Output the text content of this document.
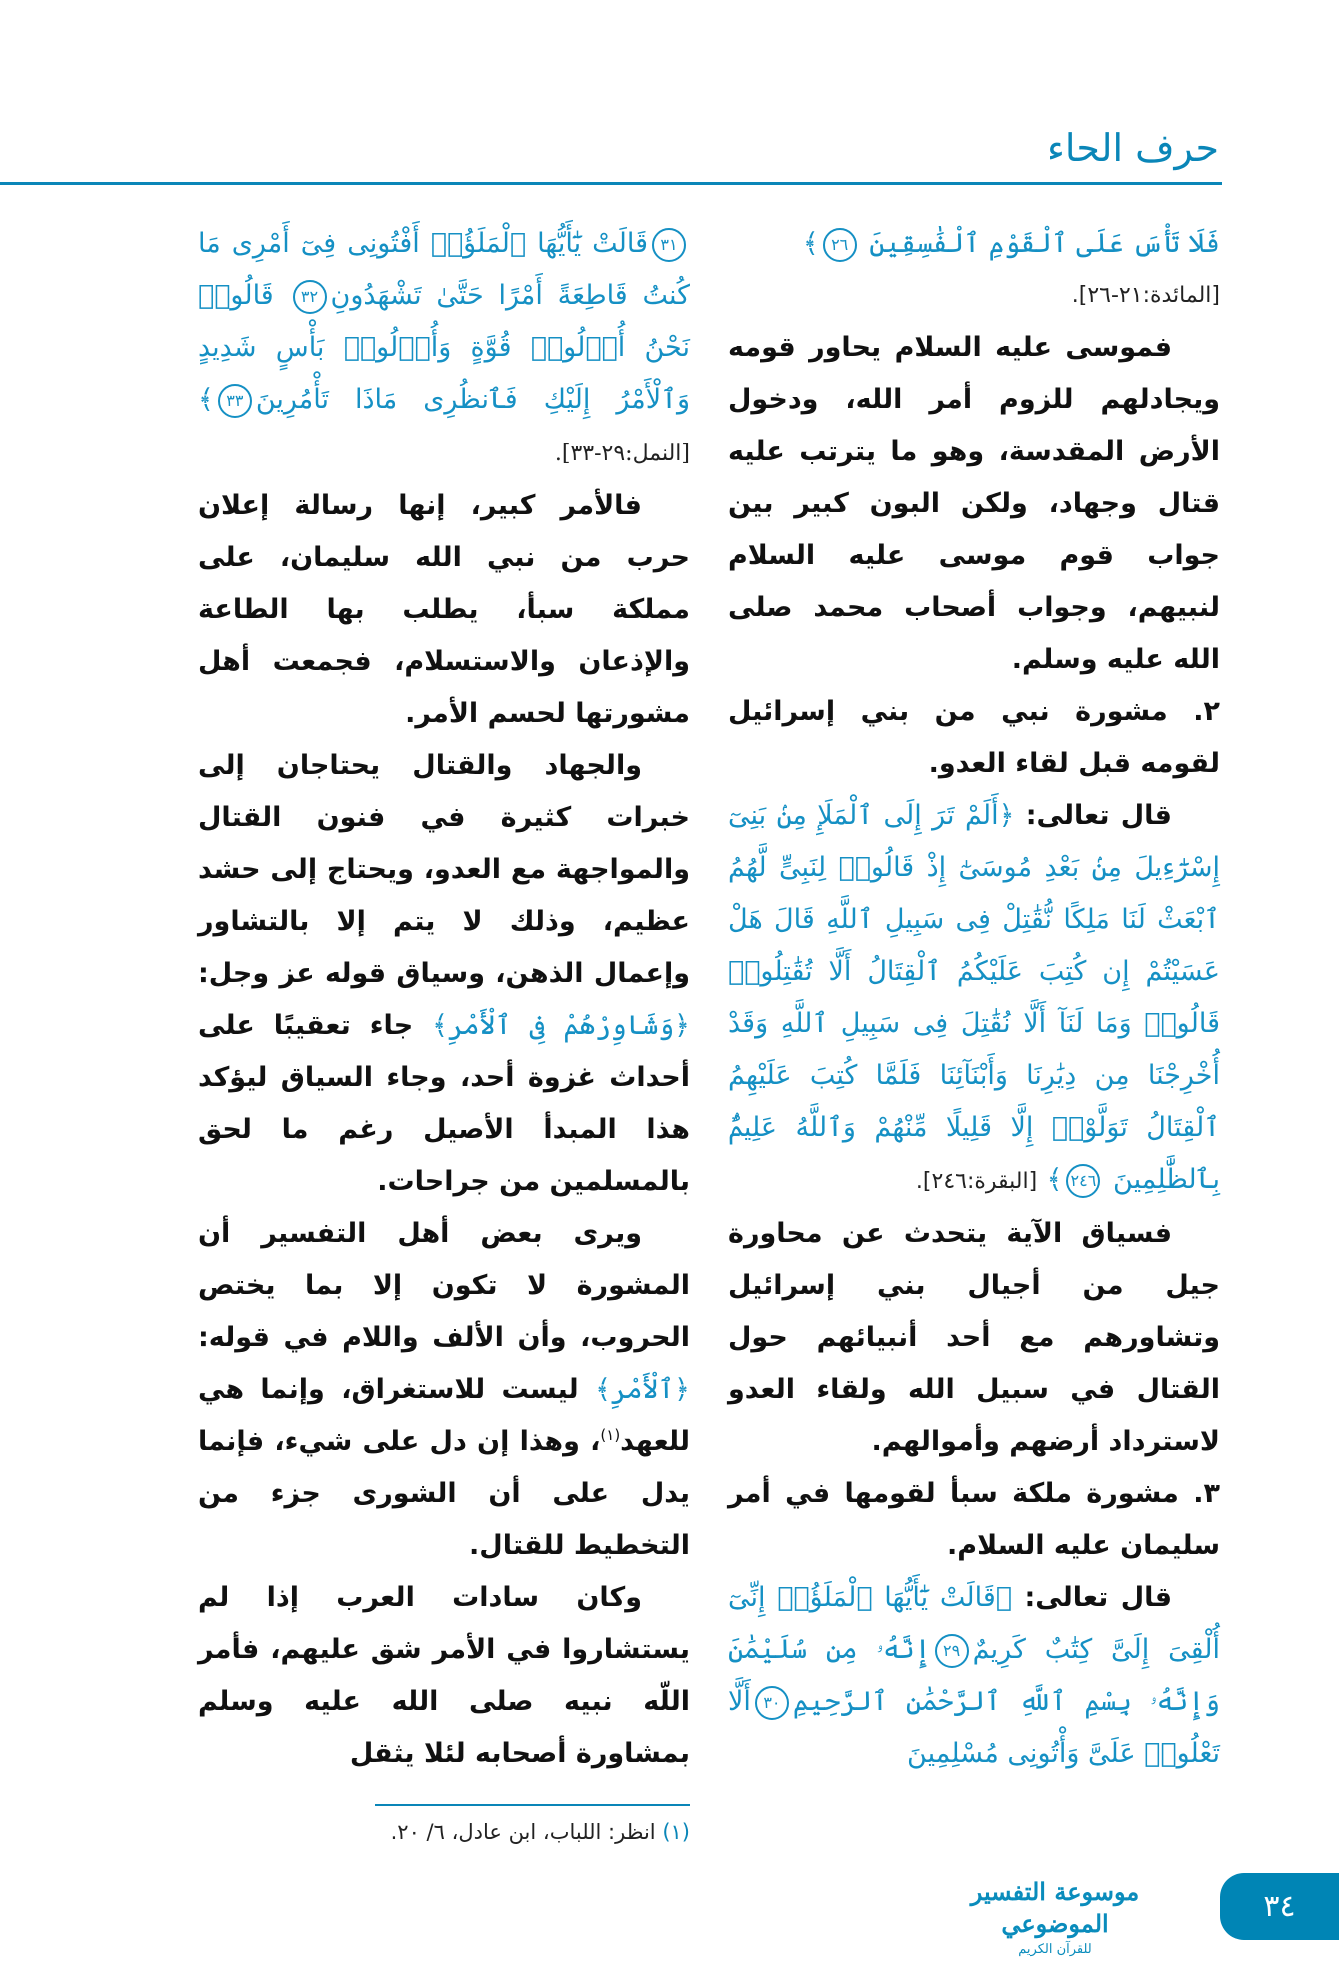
حرف الحاء

فَلَا تَأْسَ عَلَى ٱلْقَوْمِ ٱلْفَٰسِقِينَ ٢٦﴾

[المائدة:٢١-٢٦].

فموسى عليه السلام يحاور قومه ويجادلهم للزوم أمر الله، ودخول الأرض المقدسة، وهو ما يترتب عليه قتال وجهاد، ولكن البون كبير بين جواب قوم موسى عليه السلام لنبيهم، وجواب أصحاب محمد صلى الله عليه وسلم.

٢. مشورة نبي من بني إسرائيل لقومه قبل لقاء العدو.

قال تعالى: ﴿أَلَمْ تَرَ إِلَى ٱلْمَلَإِ مِنۢ بَنِىٓ إِسْرَٰٓءِيلَ مِنۢ بَعْدِ مُوسَىٰٓ إِذْ قَالُوا۟ لِنَبِىٍّ لَّهُمُ ٱبْعَثْ لَنَا مَلِكًا نُّقَٰتِلْ فِى سَبِيلِ ٱللَّهِ قَالَ هَلْ عَسَيْتُمْ إِن كُتِبَ عَلَيْكُمُ ٱلْقِتَالُ أَلَّا تُقَٰتِلُوا۟ قَالُوا۟ وَمَا لَنَآ أَلَّا نُقَٰتِلَ فِى سَبِيلِ ٱللَّهِ وَقَدْ أُخْرِجْنَا مِن دِيَٰرِنَا وَأَبْنَآئِنَا فَلَمَّا كُتِبَ عَلَيْهِمُ ٱلْقِتَالُ تَوَلَّوْا۟ إِلَّا قَلِيلًا مِّنْهُمْ وَٱللَّهُ عَلِيمٌۢ بِٱلظَّٰلِمِينَ ٢٤٦﴾ [البقرة:٢٤٦].

فسياق الآية يتحدث عن محاورة جيل من أجيال بني إسرائيل وتشاورهم مع أحد أنبيائهم حول القتال في سبيل الله ولقاء العدو لاسترداد أرضهم وأموالهم.

٣. مشورة ملكة سبأ لقومها في أمر سليمان عليه السلام.

قال تعالى: ﴿قَالَتْ يَٰٓأَيُّهَا ٱلْمَلَؤُا۟ إِنِّىٓ أُلْقِىَ إِلَىَّ كِتَٰبٌ كَرِيمٌ٢٩إِنَّهُۥ مِن سُلَيْمَٰنَ وَإِنَّهُۥ بِسْمِ ٱللَّهِ ٱلرَّحْمَٰنِ ٱلرَّحِيمِ٣٠أَلَّا تَعْلُوا۟ عَلَىَّ وَأْتُونِى مُسْلِمِينَ

٣١قَالَتْ يَٰٓأَيُّهَا ٱلْمَلَؤُا۟ أَفْتُونِى فِىٓ أَمْرِى مَا كُنتُ قَاطِعَةً أَمْرًا حَتَّىٰ تَشْهَدُونِ٣٢ قَالُوا۟ نَحْنُ أُو۟لُوا۟ قُوَّةٍ وَأُو۟لُوا۟ بَأْسٍ شَدِيدٍ وَٱلْأَمْرُ إِلَيْكِ فَٱنظُرِى مَاذَا تَأْمُرِينَ٣٣﴾ [النمل:٢٩-٣٣].

فالأمر كبير، إنها رسالة إعلان حرب من نبي الله سليمان، على مملكة سبأ، يطلب بها الطاعة والإذعان والاستسلام، فجمعت أهل مشورتها لحسم الأمر.

والجهاد والقتال يحتاجان إلى خبرات كثيرة في فنون القتال والمواجهة مع العدو، ويحتاج إلى حشد عظيم، وذلك لا يتم إلا بالتشاور وإعمال الذهن، وسياق قوله عز وجل: ﴿وَشَاوِرْهُمْ فِى ٱلْأَمْرِ﴾ جاء تعقيبًا على أحداث غزوة أحد، وجاء السياق ليؤكد هذا المبدأ الأصيل رغم ما لحق بالمسلمين من جراحات.

ويرى بعض أهل التفسير أن المشورة لا تكون إلا بما يختص الحروب، وأن الألف واللام في قوله: ﴿ٱلْأَمْرِ﴾ ليست للاستغراق، وإنما هي للعهد$^{(١)}$، وهذا إن دل على شيء، فإنما يدل على أن الشورى جزء من التخطيط للقتال.

وكان سادات العرب إذا لم يستشاروا في الأمر شق عليهم، فأمر اللّه نبيه صلى الله عليه وسلم بمشاورة أصحابه لئلا يثقل

(١) انظر: اللباب، ابن عادل، ٦/ ٢٠.
موسوعة التفسير الموضوعي
للقرآن الكريم
٣٤
